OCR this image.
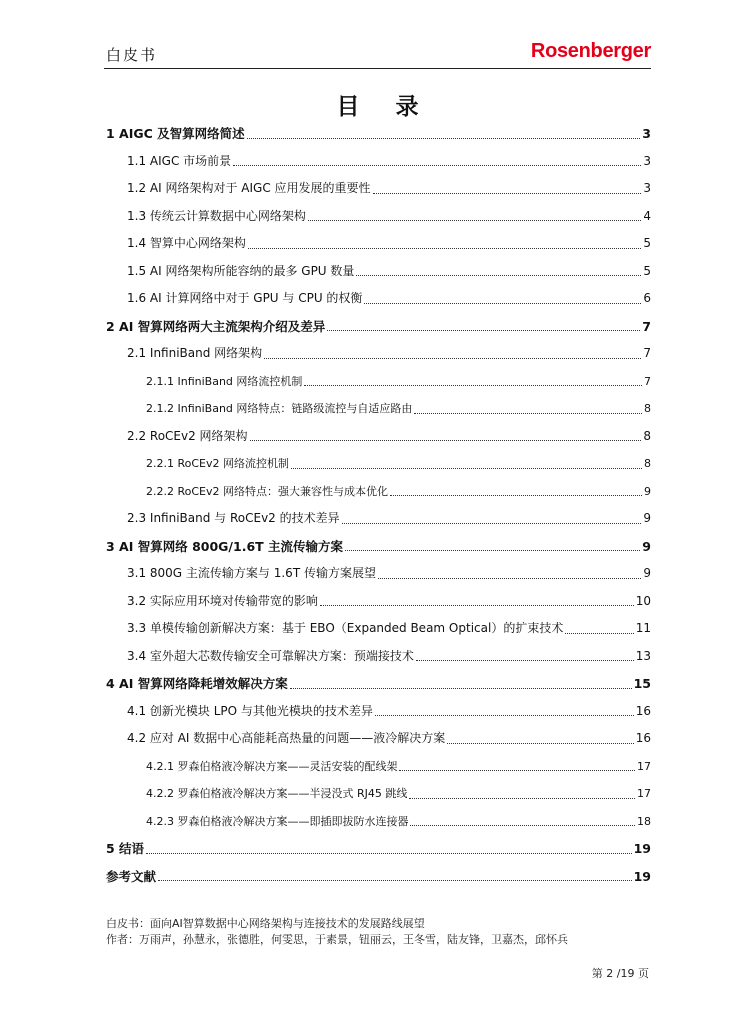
白皮书	Rosenberger
目 录
1 AIGC 及智算网络简述	3
1.1 AIGC 市场前景	3
1.2 AI 网络架构对于 AIGC 应用发展的重要性	3
1.3 传统云计算数据中心网络架构	4
1.4 智算中心网络架构	5
1.5 AI 网络架构所能容纳的最多 GPU 数量	5
1.6 AI 计算网络中对于 GPU 与 CPU 的权衡	6
2 AI 智算网络两大主流架构介绍及差异	7
2.1 InfiniBand 网络架构	7
2.1.1 InfiniBand 网络流控机制	7
2.1.2 InfiniBand 网络特点：链路级流控与自适应路由	8
2.2 RoCEv2 网络架构	8
2.2.1 RoCEv2 网络流控机制	8
2.2.2 RoCEv2 网络特点：强大兼容性与成本优化	9
2.3 InfiniBand 与 RoCEv2 的技术差异	9
3 AI 智算网络 800G/1.6T 主流传输方案	9
3.1 800G 主流传输方案与 1.6T 传输方案展望	9
3.2 实际应用环境对传输带宽的影响	10
3.3 单模传输创新解决方案：基于 EBO（Expanded Beam Optical）的扩束技术	11
3.4 室外超大芯数传输安全可靠解决方案：预端接技术	13
4 AI 智算网络降耗增效解决方案	15
4.1 创新光模块 LPO 与其他光模块的技术差异	16
4.2 应对 AI 数据中心高能耗高热量的问题——液冷解决方案	16
4.2.1 罗森伯格液冷解决方案——灵活安装的配线架	17
4.2.2 罗森伯格液冷解决方案——半浸没式 RJ45 跳线	17
4.2.3 罗森伯格液冷解决方案——即插即拔防水连接器	18
5 结语	19
参考文献	19
白皮书：面向AI智算数据中心网络架构与连接技术的发展路线展望
作者：万雨声，孙慧永，张德胜，何雯思，于素景，钮丽云，王冬雪，陆友锋，卫嘉杰，邱怀兵
第 2 /19 页
